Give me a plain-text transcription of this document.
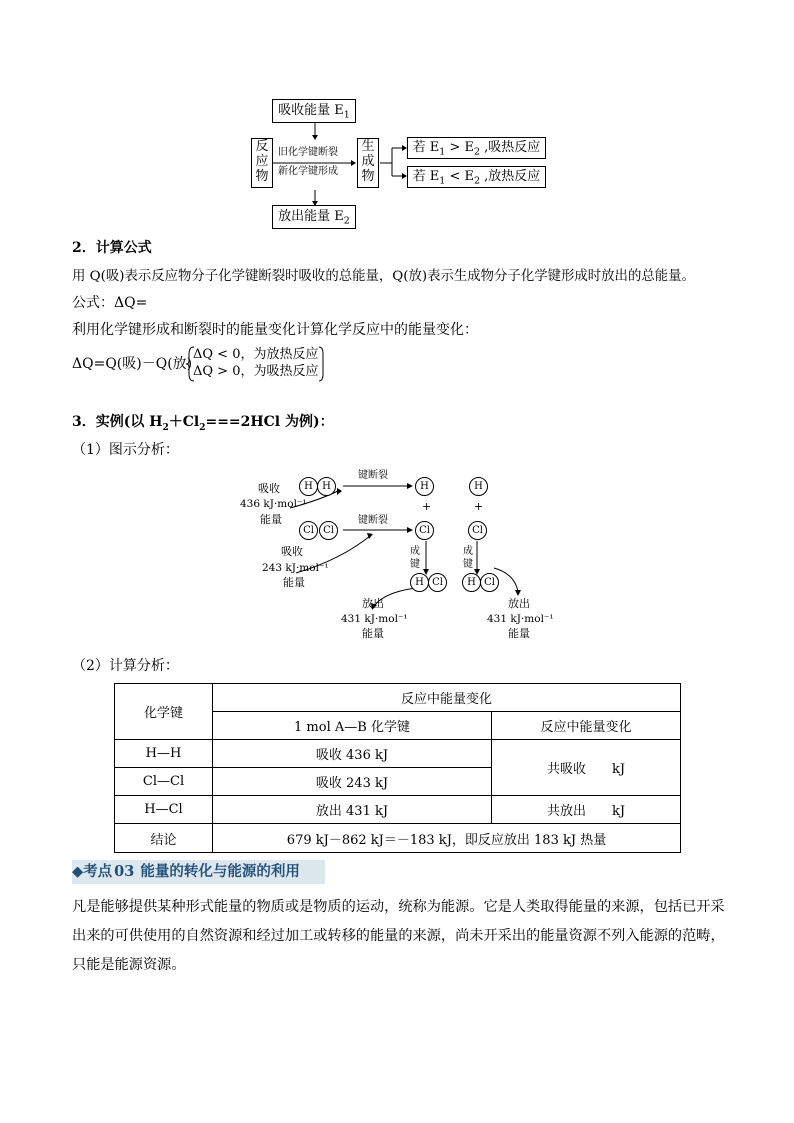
吸收能量 $E_1$
反
应
物
旧化学键断裂
新化学键形成
生
成
物
若 $E_1 > E_2$ ,吸热反应
若 $E_1 < E_2$ ,放热反应
放出能量 $E_2$
2．计算公式
用 Q(吸)表示反应物分子化学键断裂时吸收的总能量，Q(放)表示生成物分子化学键形成时放出的总能量。
公式：ΔQ=
利用化学键形成和断裂时的能量变化计算化学反应中的能量变化：
ΔQ=Q(吸)－Q(放)
ΔQ < 0，为放热反应
ΔQ > 0，为吸热反应
3．实例(以 $H_2+Cl_2===2HCl$ 为例)：
（1）图示分析：
H H
键断裂
H	H
吸收
436 kJ·mol⁻¹
能量
+	+
Cl Cl
键断裂
Cl	Cl
成
键
成
键
吸收
243 kJ·mol⁻¹
能量	H Cl	H Cl
放出
431 kJ·mol⁻¹
能量
放出
431 kJ·mol⁻¹
能量
（2）计算分析：
化学键	反应中能量变化	
	1 mol A—B 化学键	反应中能量变化
H—H	吸收 436 kJ	共吸收 kJ
Cl—Cl	吸收 243 kJ	
H—Cl	放出 431 kJ	共放出 kJ
结论	679 kJ－862 kJ＝－183 kJ，即反应放出 183 kJ 热量	
◆考点 03 能量的转化与能源的利用
凡是能够提供某种形式能量的物质或是物质的运动，统称为能源。它是人类取得能量的来源，包括已开采
出来的可供使用的自然资源和经过加工或转移的能量的来源，尚未开采出的能量资源不列入能源的范畴，
只能是能源资源。
